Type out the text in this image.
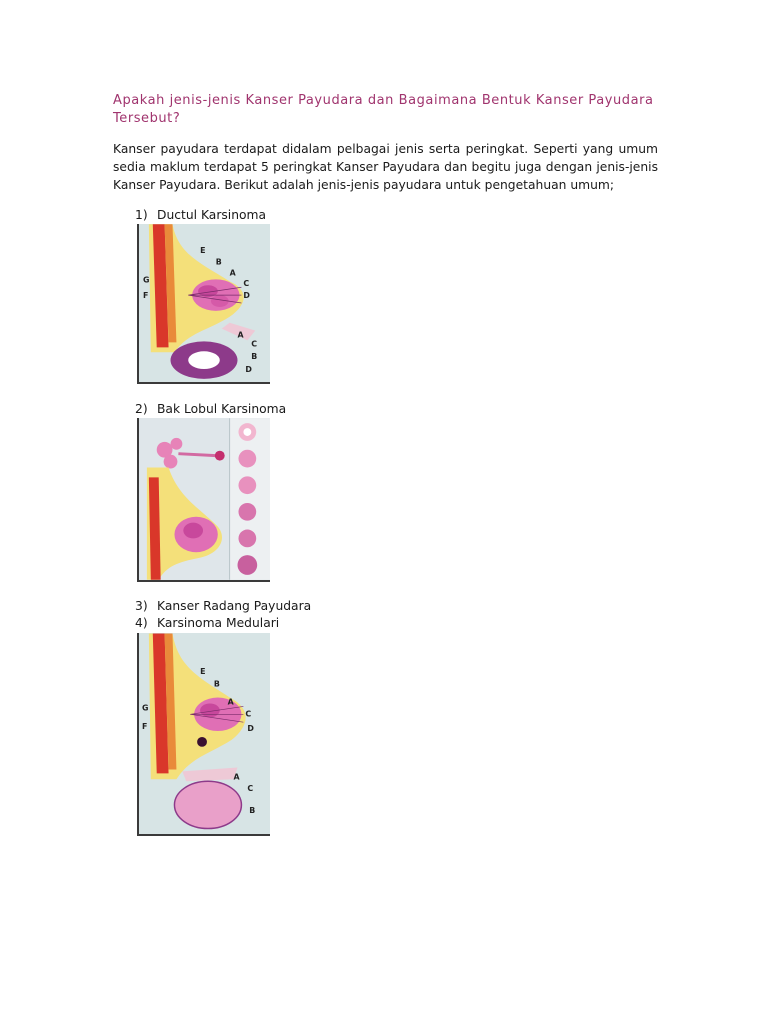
Apakah jenis-jenis Kanser Payudara dan Bagaimana Bentuk Kanser Payudara Tersebut?

Kanser payudara terdapat didalam pelbagai jenis serta peringkat. Seperti yang umum sedia maklum terdapat 5 peringkat Kanser Payudara dan begitu juga dengan jenis-jenis Kanser Payudara. Berikut adalah jenis-jenis payudara untuk pengetahuan umum;

1) Ductul Karsinoma
E
B
A
G	C
F	D
A
C
B
D
2) Bak Lobul Karsinoma
3) Kanser Radang Payudara
4) Karsinoma Medulari
E
B
A
G
C
F	D
A
C
B
